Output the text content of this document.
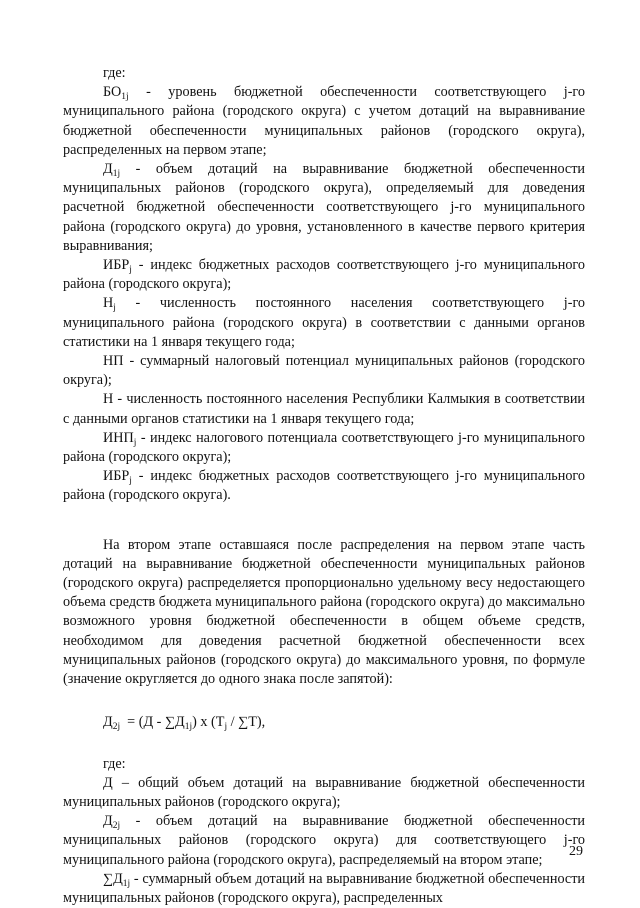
где:

$БО_{1j}$ - уровень бюджетной обеспеченности соответствующего j-го муниципального района (городского округа) с учетом дотаций на выравнивание бюджетной обеспеченности муниципальных районов (городского округа), распределенных на первом этапе;

$Д_{1j}$ - объем дотаций на выравнивание бюджетной обеспеченности муниципальных районов (городского округа), определяемый для доведения расчетной бюджетной обеспеченности соответствующего j-го муниципального района (городского округа) до уровня, установленного в качестве первого критерия выравнивания;

$ИБР_j$ - индекс бюджетных расходов соответствующего j-го муниципального района (городского округа);

$Н_j$ - численность постоянного населения соответствующего j-го муниципального района (городского округа) в соответствии с данными органов статистики на 1 января текущего года;

НП - суммарный налоговый потенциал муниципальных районов (городского округа);

Н - численность постоянного населения Республики Калмыкия в соответствии с данными органов статистики на 1 января текущего года;

$ИНП_j$ - индекс налогового потенциала соответствующего j-го муниципального района (городского округа);

$ИБР_j$ - индекс бюджетных расходов соответствующего j-го муниципального района (городского округа).

На втором этапе оставшаяся после распределения на первом этапе часть дотаций на выравнивание бюджетной обеспеченности муниципальных районов (городского округа) распределяется пропорционально удельному весу недостающего объема средств бюджета муниципального района (городского округа) до максимально возможного уровня бюджетной обеспеченности в общем объеме средств, необходимом для доведения расчетной бюджетной обеспеченности всех муниципальных районов (городского округа) до максимального уровня, по формуле (значение округляется до одного знака после запятой):

$Д_{2j} = (Д - \sum Д_{1j})$ x $(T_j / \sum T)$,

где:

Д – общий объем дотаций на выравнивание бюджетной обеспеченности муниципальных районов (городского округа);

$Д_{2j}$ - объем дотаций на выравнивание бюджетной обеспеченности муниципальных районов (городского округа) для соответствующего j-го муниципального района (городского округа), распределяемый на втором этапе;

$\sum Д_{1j}$ - суммарный объем дотаций на выравнивание бюджетной обеспеченности муниципальных районов (городского округа), распределенных

29
